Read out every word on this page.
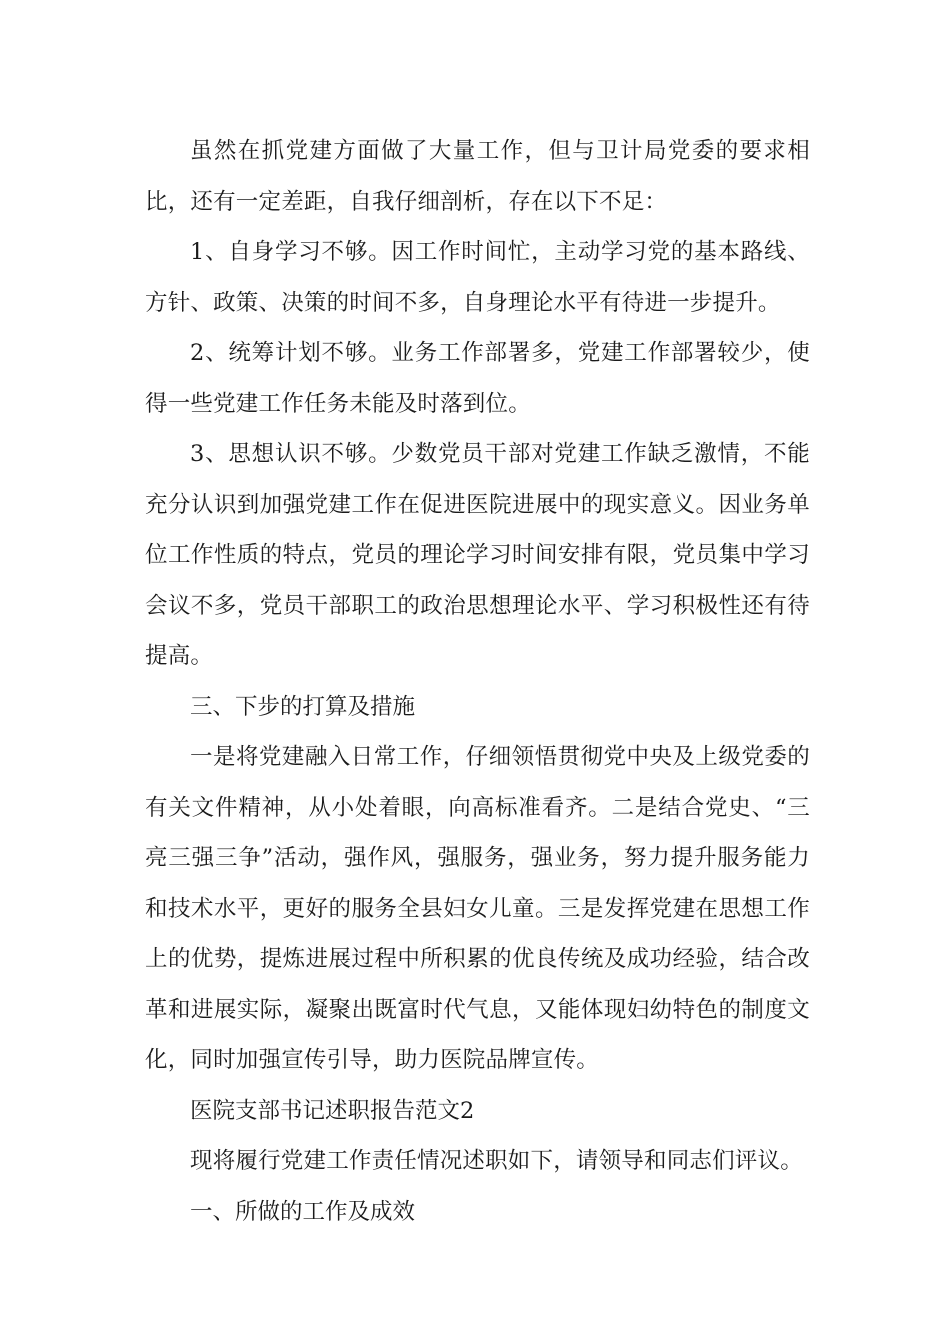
虽然在抓党建方面做了大量工作，但与卫计局党委的要求相比，还有一定差距，自我仔细剖析，存在以下不足：

1、自身学习不够。因工作时间忙，主动学习党的基本路线、方针、政策、决策的时间不多，自身理论水平有待进一步提升。

2、统筹计划不够。业务工作部署多，党建工作部署较少，使得一些党建工作任务未能及时落到位。

3、思想认识不够。少数党员干部对党建工作缺乏激情，不能充分认识到加强党建工作在促进医院进展中的现实意义。因业务单位工作性质的特点，党员的理论学习时间安排有限，党员集中学习会议不多，党员干部职工的政治思想理论水平、学习积极性还有待提高。

三、下步的打算及措施

一是将党建融入日常工作，仔细领悟贯彻党中央及上级党委的有关文件精神，从小处着眼，向高标准看齐。二是结合党史、“三亮三强三争”活动，强作风，强服务，强业务，努力提升服务能力和技术水平，更好的服务全县妇女儿童。三是发挥党建在思想工作上的优势，提炼进展过程中所积累的优良传统及成功经验，结合改革和进展实际，凝聚出既富时代气息，又能体现妇幼特色的制度文化，同时加强宣传引导，助力医院品牌宣传。

医院支部书记述职报告范文2

现将履行党建工作责任情况述职如下，请领导和同志们评议。

一、所做的工作及成效
